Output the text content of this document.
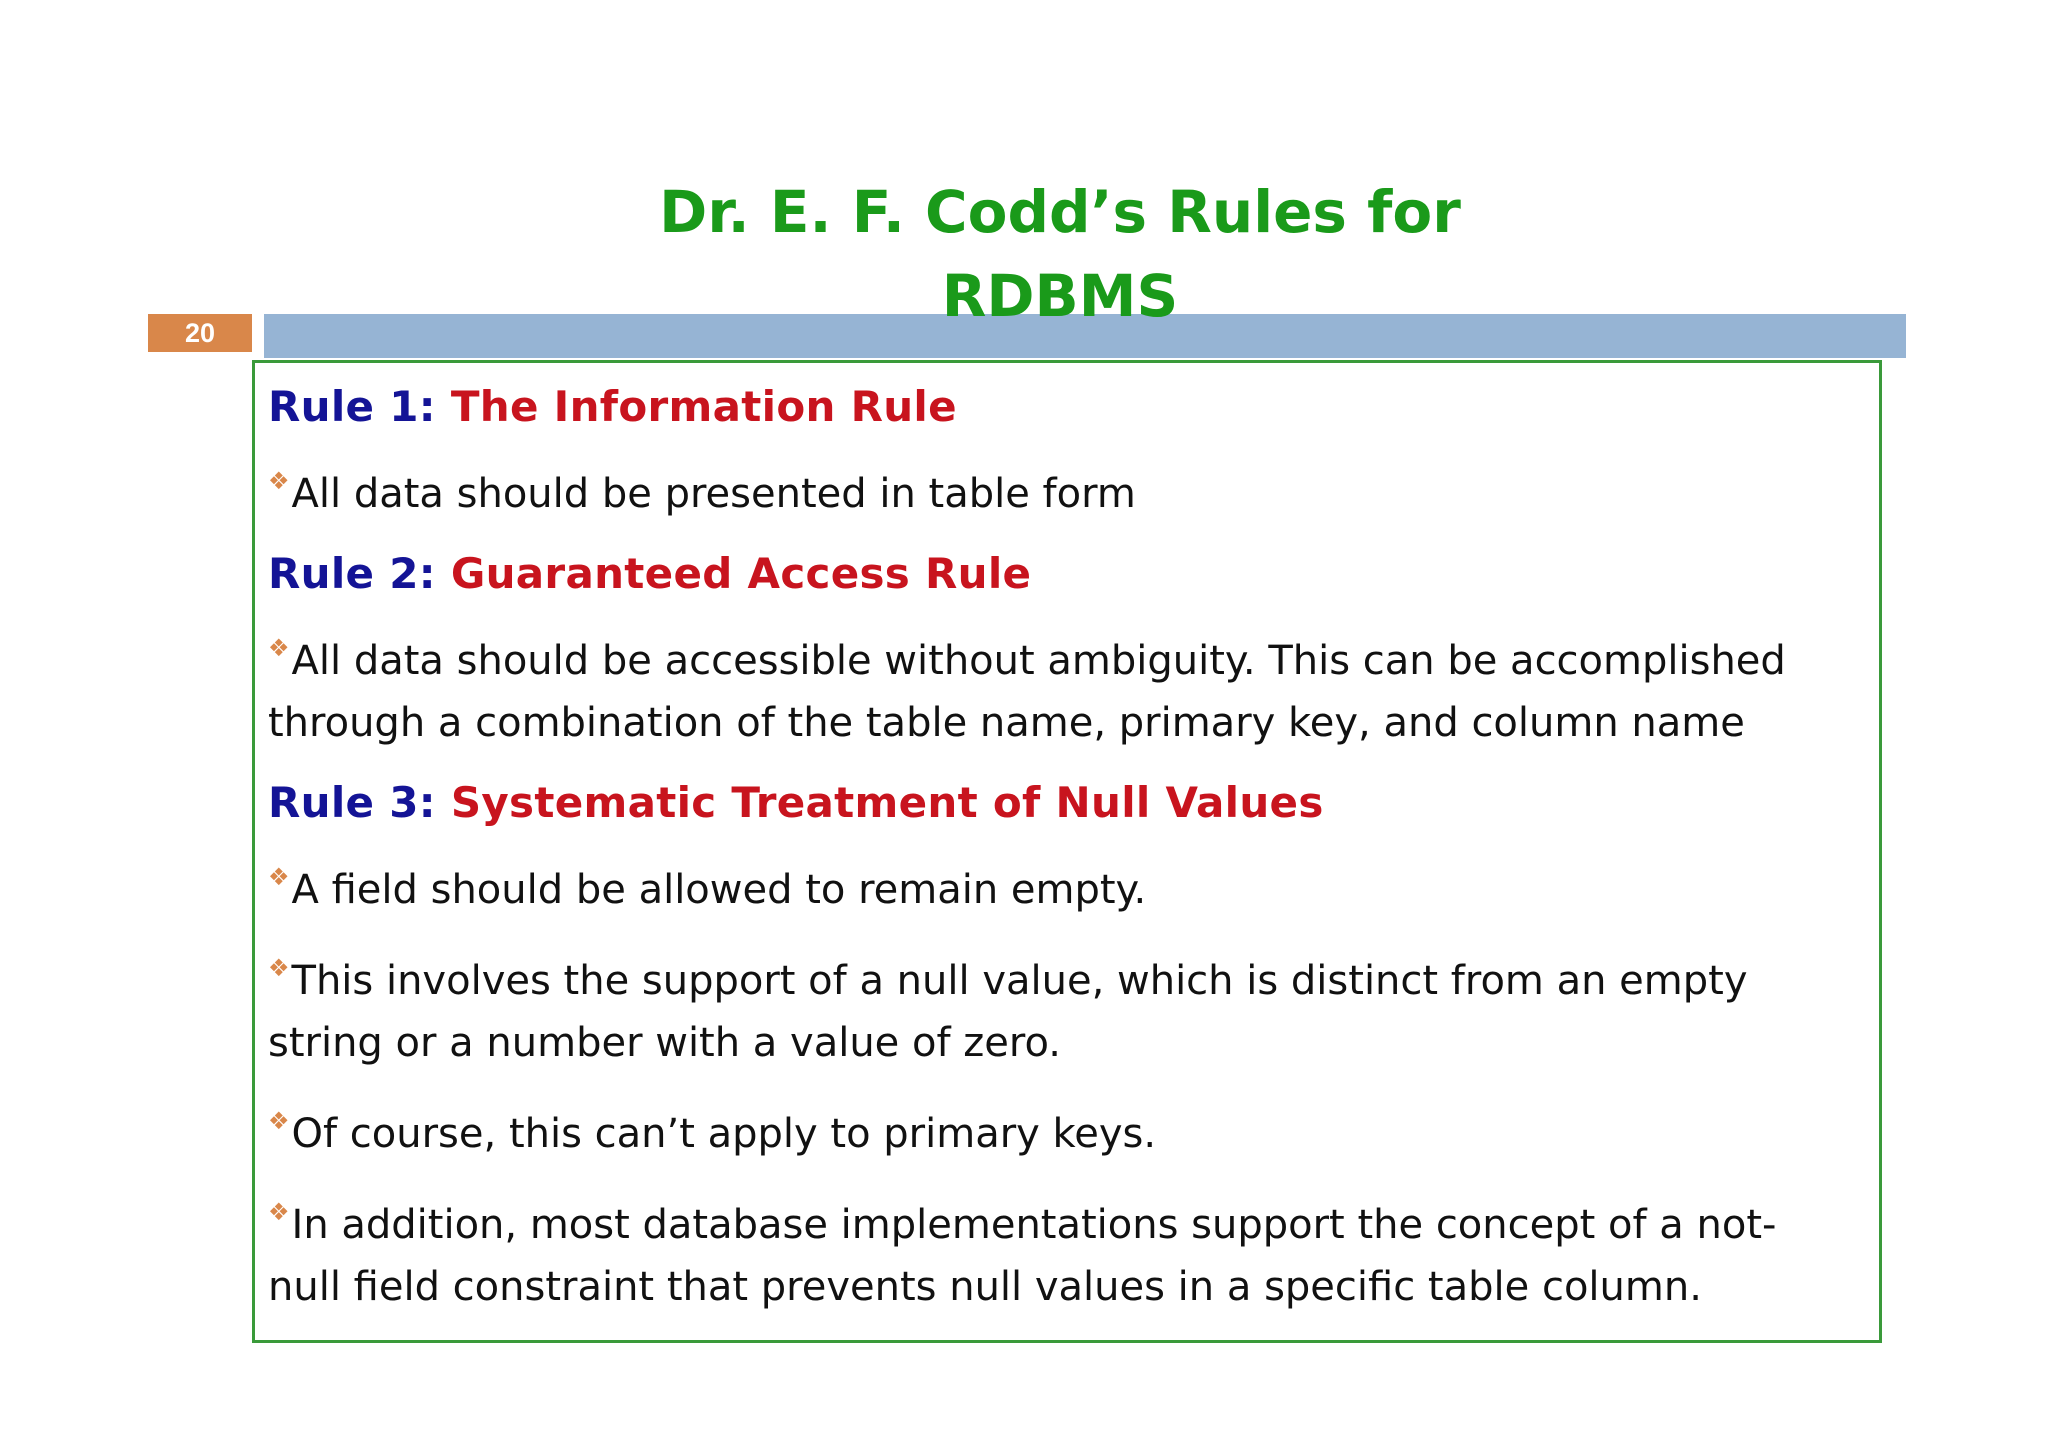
20
Dr. E. F. Codd’s Rules for
RDBMS
Rule 1: The Information Rule
❖All data should be presented in table form
Rule 2: Guaranteed Access Rule
❖All data should be accessible without ambiguity. This can be accomplished through a combination of the table name, primary key, and column name
Rule 3: Systematic Treatment of Null Values
❖A field should be allowed to remain empty.
❖This involves the support of a null value, which is distinct from an empty string or a number with a value of zero.
❖Of course, this can’t apply to primary keys.
❖In addition, most database implementations support the concept of a not-null field constraint that prevents null values in a specific table column.
